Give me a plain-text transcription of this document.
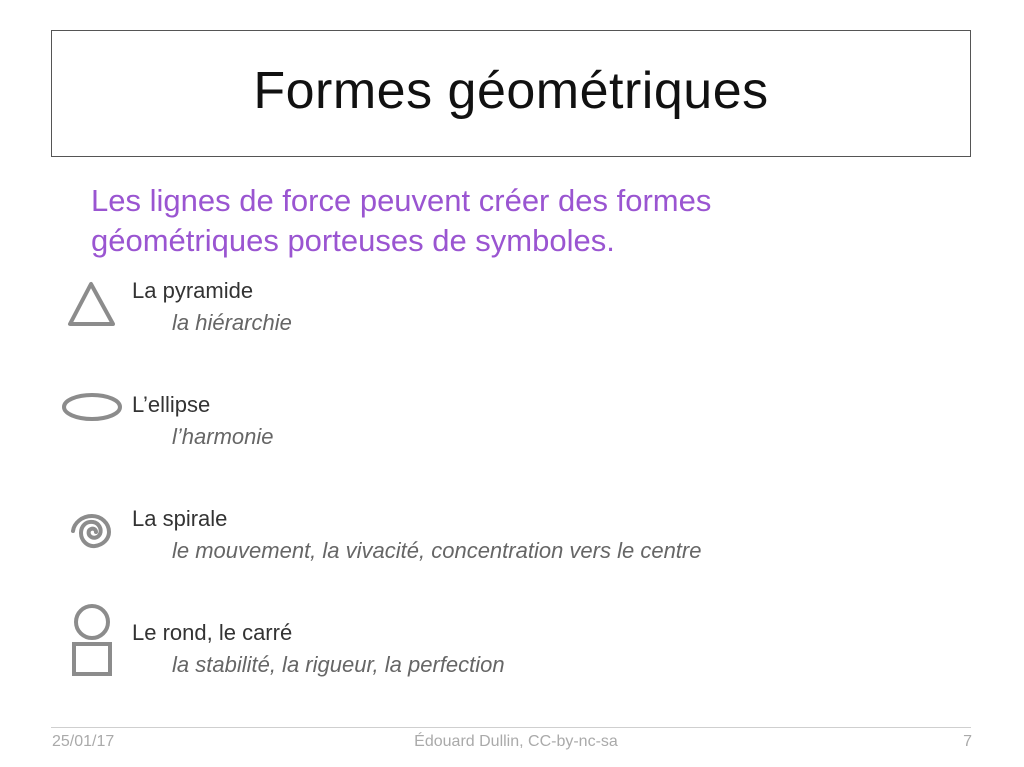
Formes géométriques
Les lignes de force peuvent créer des formes géométriques porteuses de symboles.
La pyramide
la hiérarchie
L’ellipse
l’harmonie
La spirale
le mouvement, la vivacité, concentration vers le centre
Le rond, le carré
la stabilité, la rigueur, la perfection
25/01/17	Édouard Dullin, CC-by-nc-sa	7
